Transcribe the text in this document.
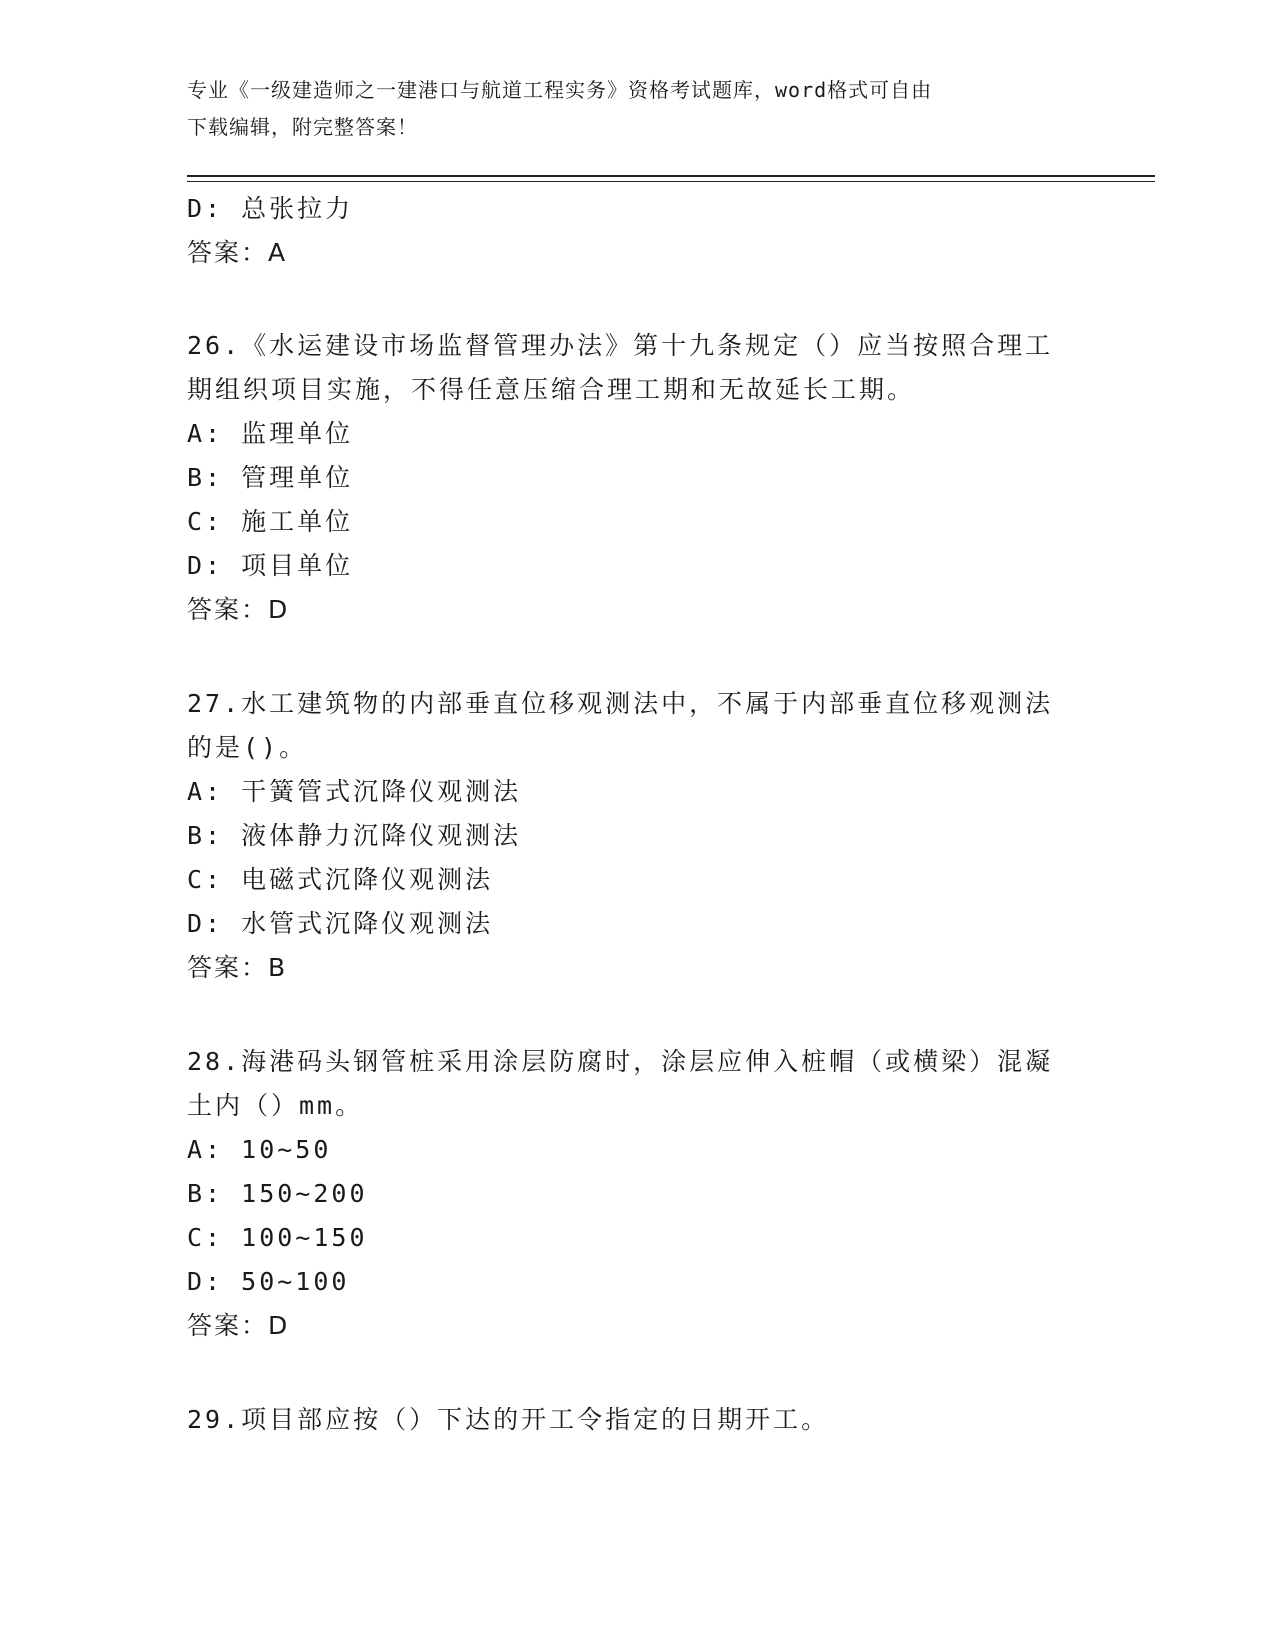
专业《一级建造师之一建港口与航道工程实务》资格考试题库，word格式可自由
下载编辑，附完整答案！
D: 总张拉力
答案：A
26.《水运建设市场监督管理办法》第十九条规定（）应当按照合理工
期组织项目实施，不得任意压缩合理工期和无故延长工期。
A: 监理单位
B: 管理单位
C: 施工单位
D: 项目单位
答案：D
27.水工建筑物的内部垂直位移观测法中，不属于内部垂直位移观测法
的是()。
A: 干簧管式沉降仪观测法
B: 液体静力沉降仪观测法
C: 电磁式沉降仪观测法
D: 水管式沉降仪观测法
答案：B
28.海港码头钢管桩采用涂层防腐时，涂层应伸入桩帽（或横梁）混凝
土内（）mm。
A: 10~50
B: 150~200
C: 100~150
D: 50~100
答案：D
29.项目部应按（）下达的开工令指定的日期开工。
